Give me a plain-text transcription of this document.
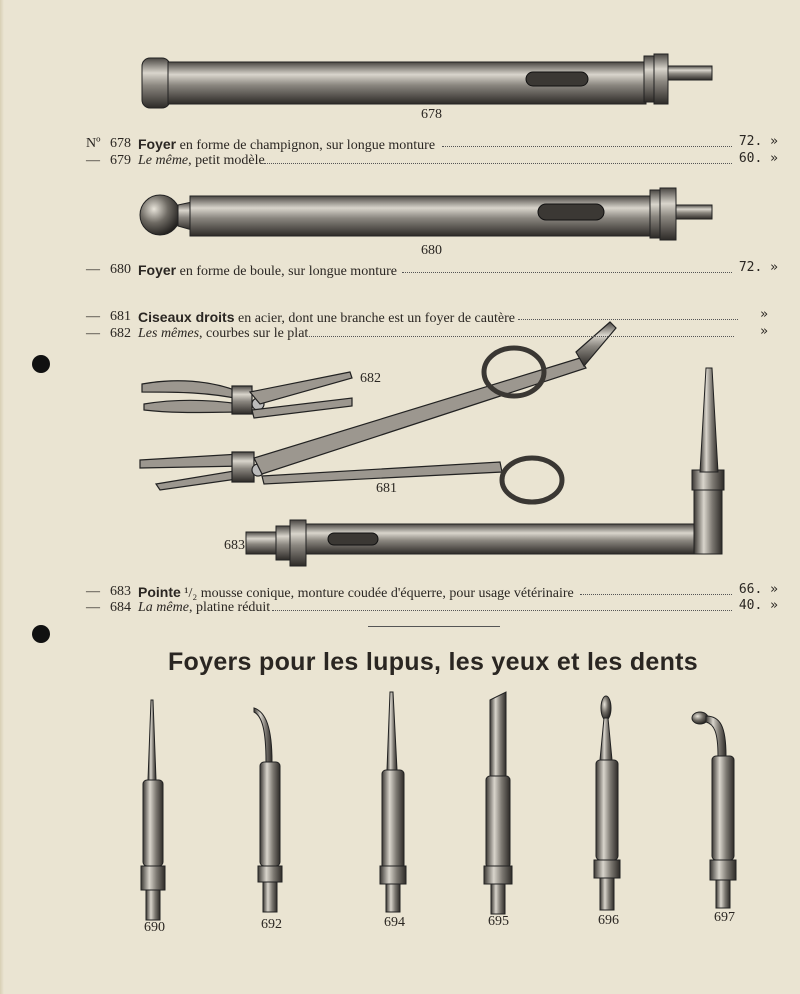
678
680
682
681
683
690	692	694	695	696	697
Nº 678 Foyer en forme de champignon, sur longue monture	72. »
— 679 Le même, petit modèle	60. »
— 680 Foyer en forme de boule, sur longue monture	72. »
— 681 Ciseaux droits en acier, dont une branche est un foyer de cautère	»
— 682 Les mêmes, courbes sur le plat	»
— 683 Pointe ¹/₂ mousse conique, monture coudée d'équerre, pour usage vétérinaire	66. »
— 684 La même, platine réduit	40. »
Foyers pour les lupus, les yeux et les dents
